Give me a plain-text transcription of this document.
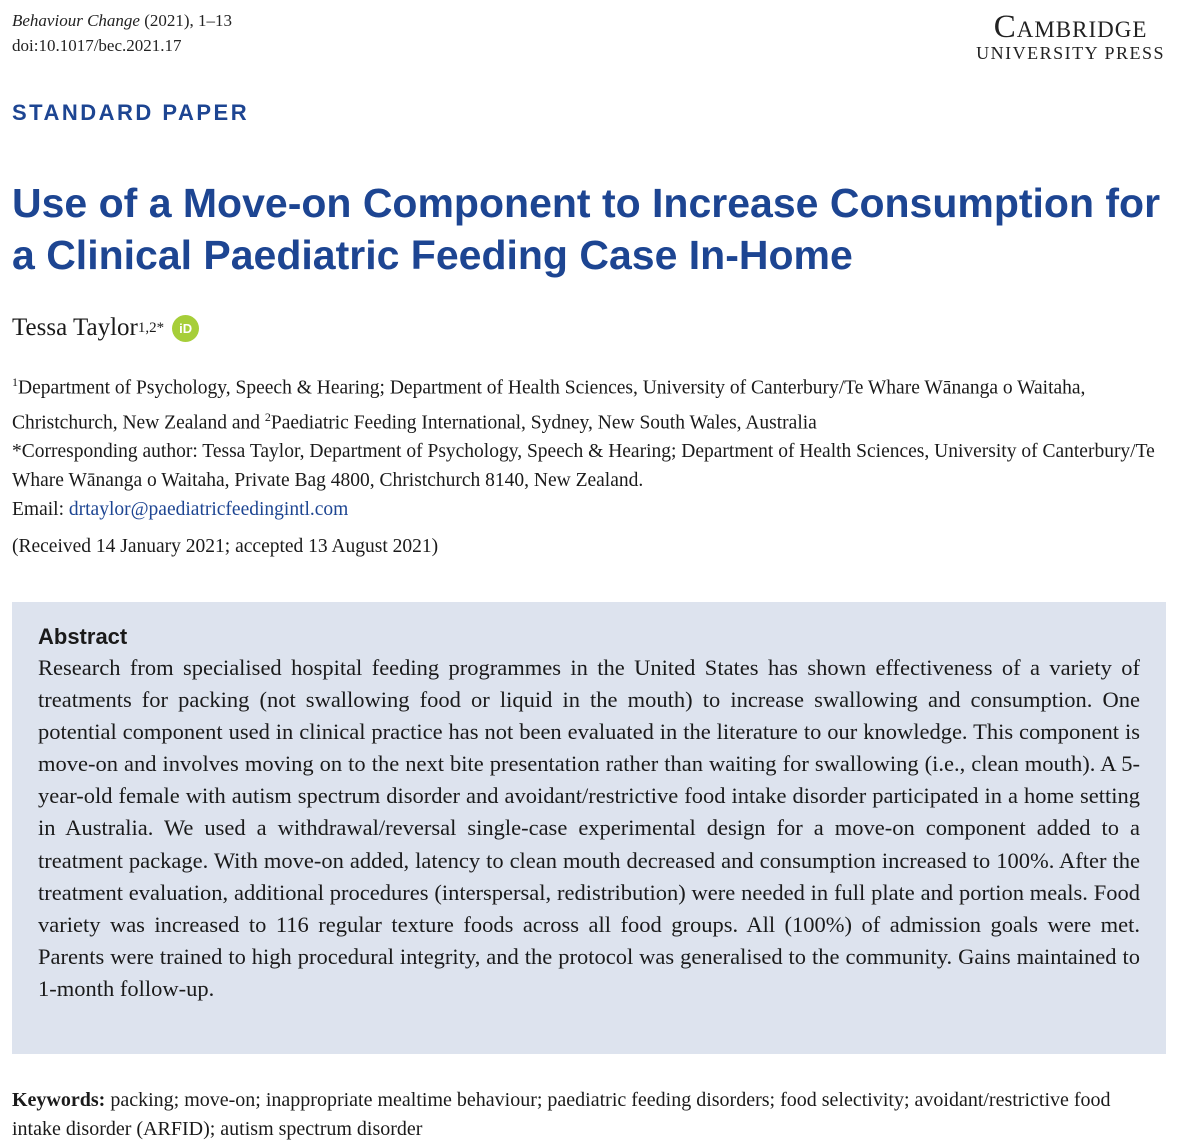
Behaviour Change (2021), 1–13
doi:10.1017/bec.2021.17
Cambridge
UNIVERSITY PRESS
STANDARD PAPER
Use of a Move-on Component to Increase Consumption for a Clinical Paediatric Feeding Case In-Home
Tessa Taylor 1,2*	iD
$^1$Department of Psychology, Speech & Hearing; Department of Health Sciences, University of Canterbury/Te Whare Wānanga o Waitaha, Christchurch, New Zealand and $^2$Paediatric Feeding International, Sydney, New South Wales, Australia
*Corresponding author: Tessa Taylor, Department of Psychology, Speech & Hearing; Department of Health Sciences, University of Canterbury/Te Whare Wānanga o Waitaha, Private Bag 4800, Christchurch 8140, New Zealand.
Email: drtaylor@paediatricfeedingintl.com
(Received 14 January 2021; accepted 13 August 2021)
Abstract
Research from specialised hospital feeding programmes in the United States has shown effectiveness of a variety of treatments for packing (not swallowing food or liquid in the mouth) to increase swallowing and consumption. One potential component used in clinical practice has not been evaluated in the literature to our knowledge. This component is move-on and involves moving on to the next bite presentation rather than waiting for swallowing (i.e., clean mouth). A 5-year-old female with autism spectrum disorder and avoidant/restrictive food intake disorder participated in a home setting in Australia. We used a withdrawal/reversal single-case experimental design for a move-on component added to a treatment package. With move-on added, latency to clean mouth decreased and consumption increased to 100%. After the treatment evaluation, additional procedures (interspersal, redistribution) were needed in full plate and portion meals. Food variety was increased to 116 regular texture foods across all food groups. All (100%) of admission goals were met. Parents were trained to high procedural integrity, and the protocol was generalised to the community. Gains maintained to 1-month follow-up.
Keywords: packing; move-on; inappropriate mealtime behaviour; paediatric feeding disorders; food selectivity; avoidant/​restrictive food intake disorder (ARFID); autism spectrum disorder
